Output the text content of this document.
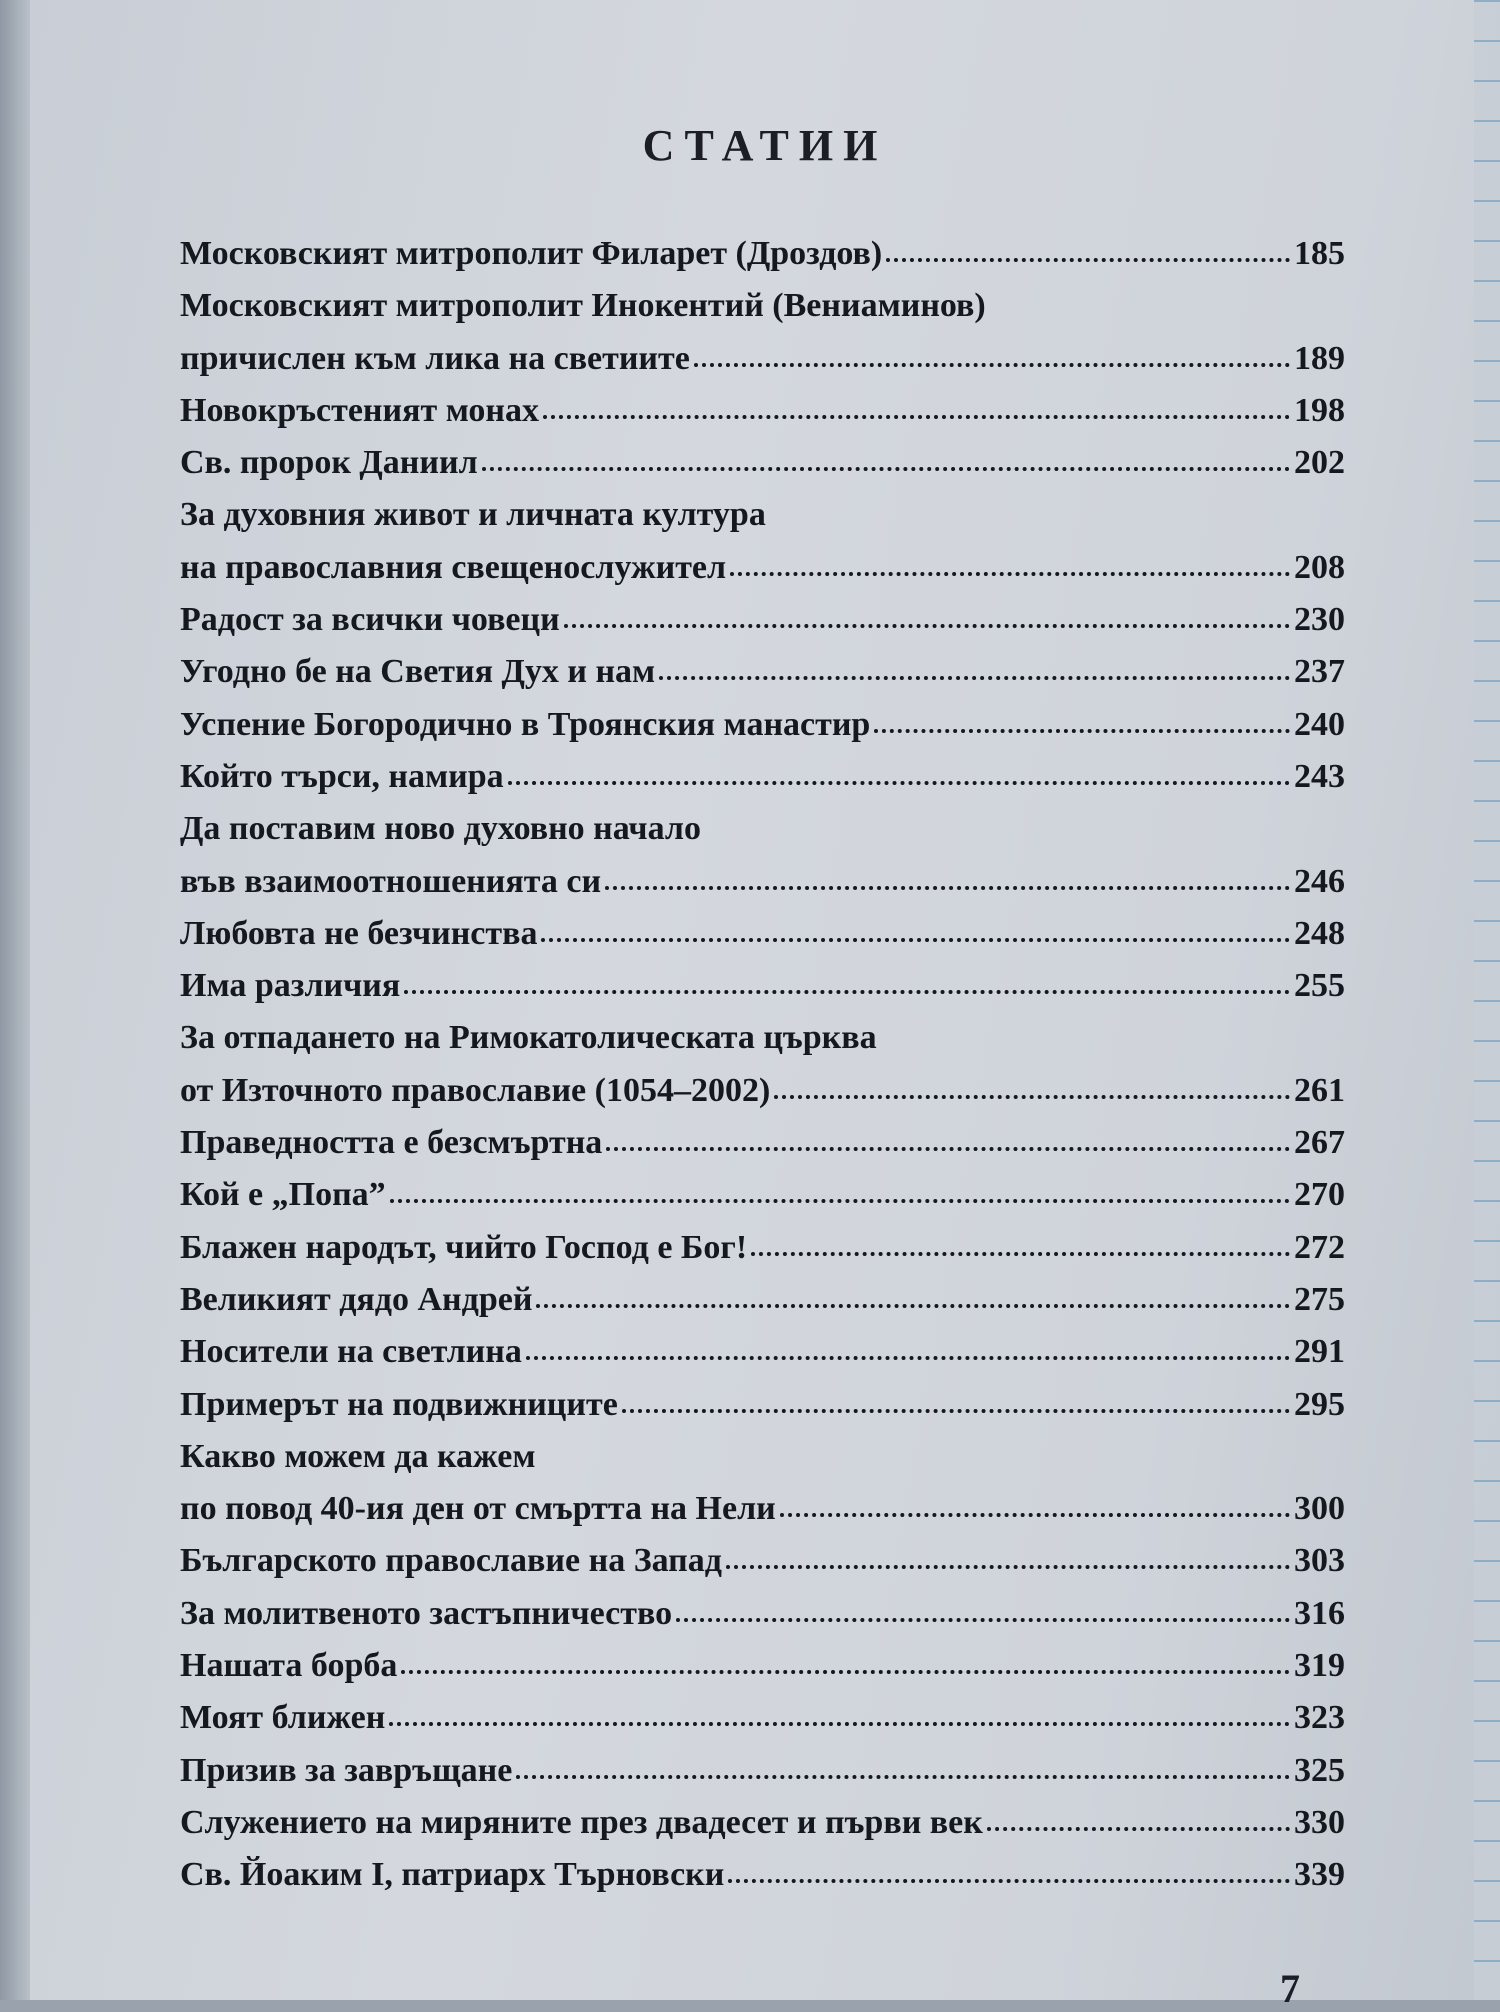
СТАТИИ
Московският митрополит Филарет (Дроздов)	185
Московският митрополит Инокентий (Вениаминов)
причислен към лика на светиите	189
Новокръстеният монах	198
Св. пророк Даниил	202
За духовния живот и личната култура
на православния свещенослужител	208
Радост за всички човеци	230
Угодно бе на Светия Дух и нам	237
Успение Богородично в Троянския манастир	240
Който търси, намира	243
Да поставим ново духовно начало
във взаимоотношенията си	246
Любовта не безчинства	248
Има различия	255
За отпадането на Римокатолическата църква
от Източното православие (1054–2002)	261
Праведността е безсмъртна	267
Кой е „Попа”	270
Блажен народът, чийто Господ е Бог!	272
Великият дядо Андрей	275
Носители на светлина	291
Примерът на подвижниците	295
Какво можем да кажем
по повод 40-ия ден от смъртта на Нели	300
Българското православие на Запад	303
За молитвеното застъпничество	316
Нашата борба	319
Моят ближен	323
Призив за завръщане	325
Служението на миряните през двадесет и първи век	330
Св. Йоаким I, патриарх Търновски	339
7
